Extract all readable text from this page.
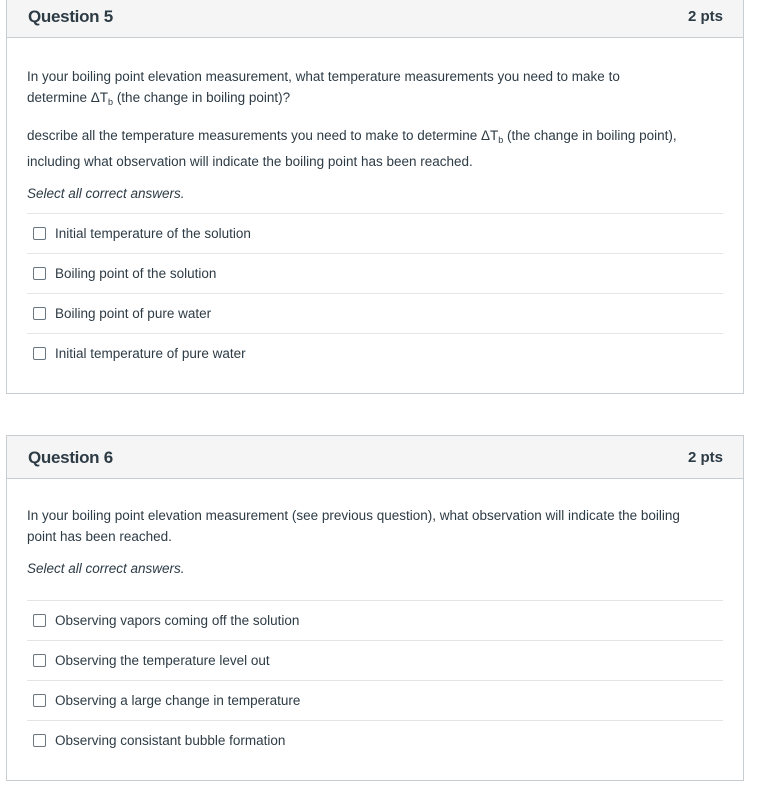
Question 5	2 pts

In your boiling point elevation measurement, what temperature measurements you need to make to
determine $\Delta T_b$ (the change in boiling point)?

describe all the temperature measurements you need to make to determine $\Delta T_b$ (the change in boiling point),
including what observation will indicate the boiling point has been reached.

Select all correct answers.

Initial temperature of the solution
Boiling point of the solution
Boiling point of pure water
Initial temperature of pure water
Question 6	2 pts

In your boiling point elevation measurement (see previous question), what observation will indicate the boiling
point has been reached.

Select all correct answers.

Observing vapors coming off the solution
Observing the temperature level out
Observing a large change in temperature
Observing consistant bubble formation
